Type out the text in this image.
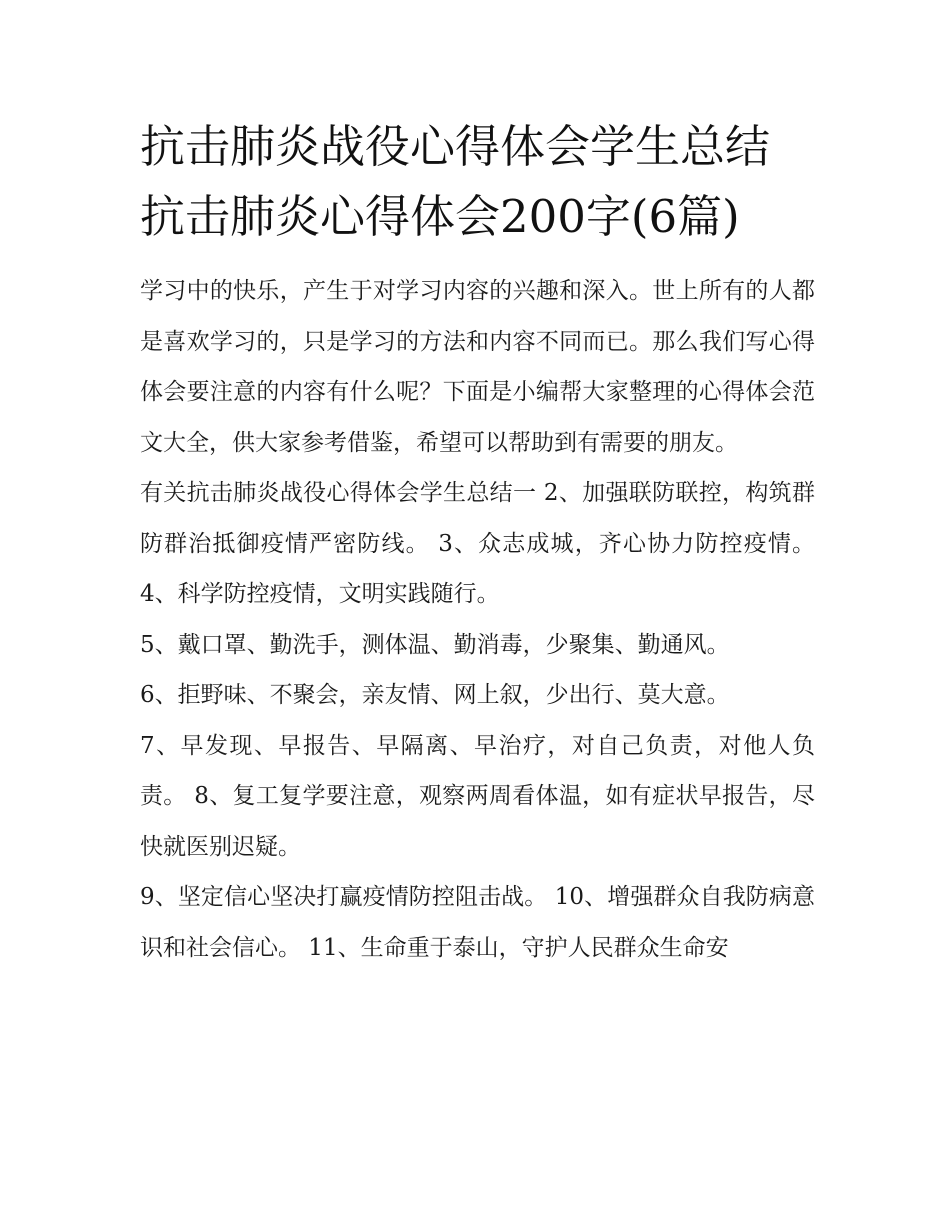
抗击肺炎战役心得体会学生总结 抗击肺炎心得体会200字(6篇)

学习中的快乐，产生于对学习内容的兴趣和深入。世上所有的人都是喜欢学习的，只是学习的方法和内容不同而已。那么我们写心得体会要注意的内容有什么呢？下面是小编帮大家整理的心得体会范文大全，供大家参考借鉴，希望可以帮助到有需要的朋友。

有关抗击肺炎战役心得体会学生总结一 2、加强联防联控，构筑群防群治抵御疫情严密防线。 3、众志成城，齐心协力防控疫情。 4、科学防控疫情，文明实践随行。

5、戴口罩、勤洗手，测体温、勤消毒，少聚集、勤通风。

6、拒野味、不聚会，亲友情、网上叙，少出行、莫大意。

7、早发现、早报告、早隔离、早治疗，对自己负责，对他人负责。 8、复工复学要注意，观察两周看体温，如有症状早报告，尽快就医别迟疑。

9、坚定信心坚决打赢疫情防控阻击战。 10、增强群众自我防病意识和社会信心。 11、生命重于泰山，守护人民群众生命安
